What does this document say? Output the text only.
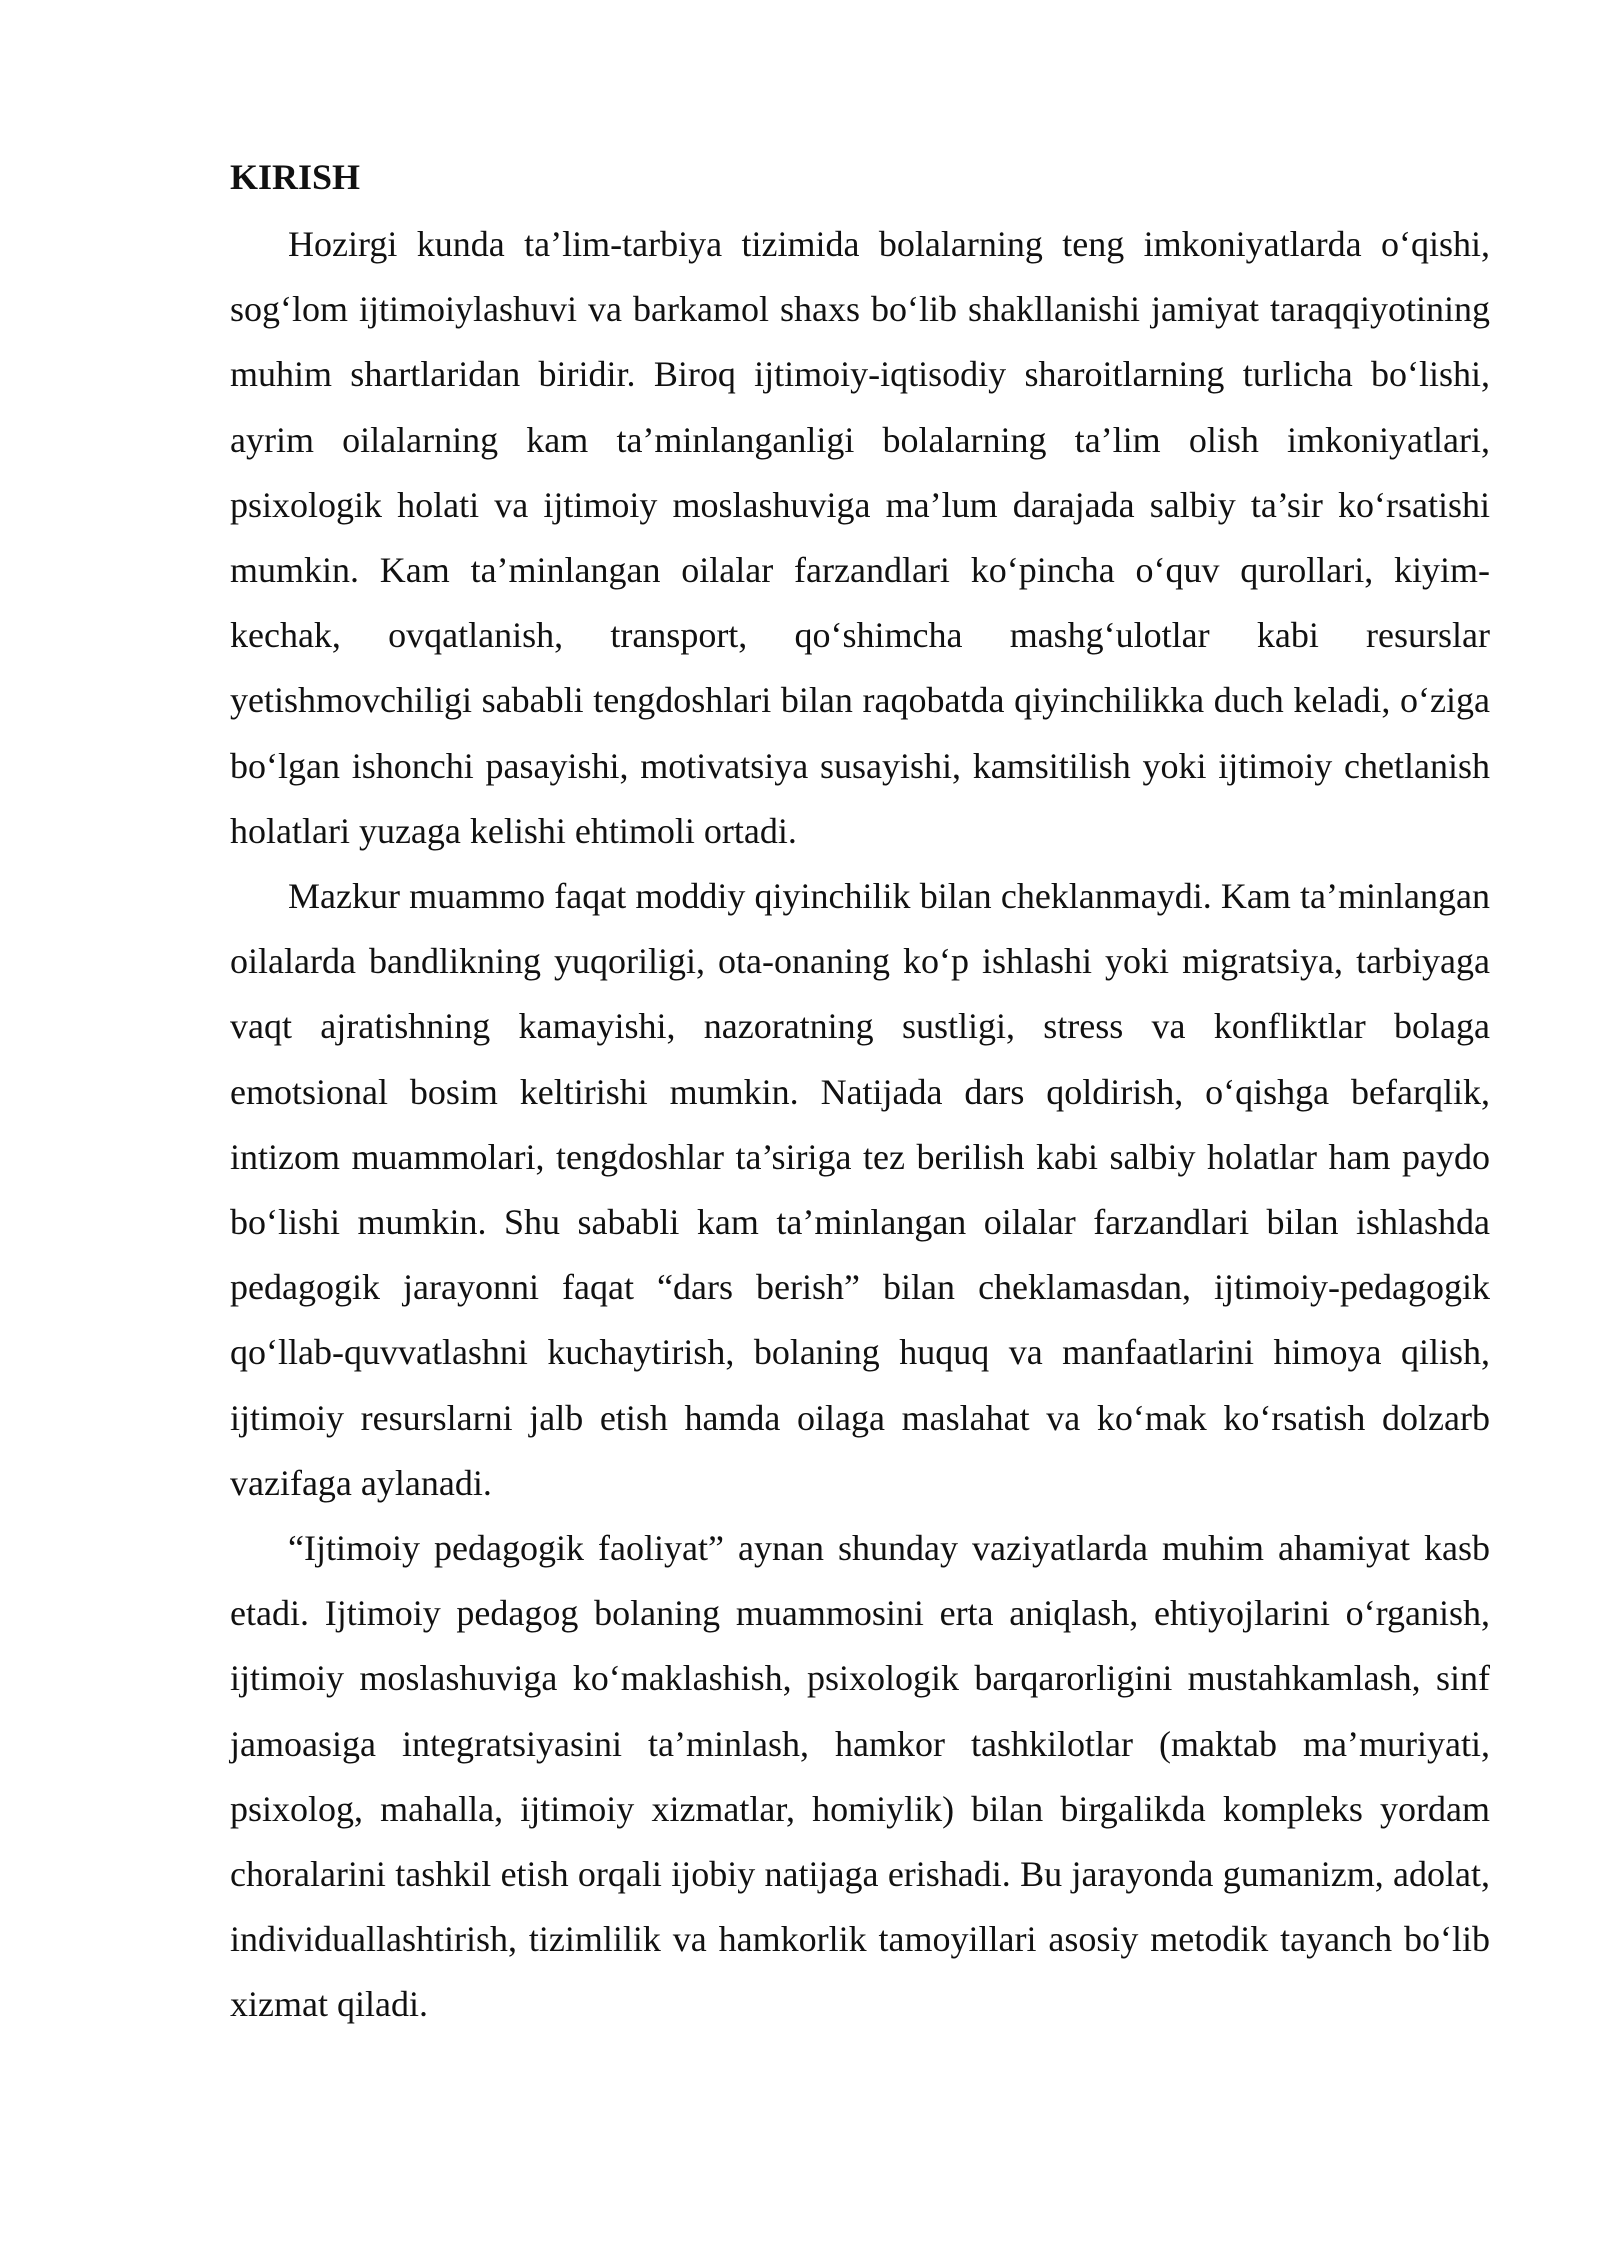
KIRISH

Hozirgi kunda ta’lim-tarbiya tizimida bolalarning teng imkoniyatlarda o‘qishi, sog‘lom ijtimoiylashuvi va barkamol shaxs bo‘lib shakllanishi jamiyat taraqqiyotining muhim shartlaridan biridir. Biroq ijtimoiy-iqtisodiy sharoitlarning turlicha bo‘lishi, ayrim oilalarning kam ta’minlanganligi bolalarning ta’lim olish imkoniyatlari, psixologik holati va ijtimoiy moslashuviga ma’lum darajada salbiy ta’sir ko‘rsatishi mumkin. Kam ta’minlangan oilalar farzandlari ko‘pincha o‘quv qurollari, kiyim-kechak, ovqatlanish, transport, qo‘shimcha mashg‘ulotlar kabi resurslar yetishmovchiligi sababli tengdoshlari bilan raqobatda qiyinchilikka duch keladi, o‘ziga bo‘lgan ishonchi pasayishi, motivatsiya susayishi, kamsitilish yoki ijtimoiy chetlanish holatlari yuzaga kelishi ehtimoli ortadi.

Mazkur muammo faqat moddiy qiyinchilik bilan cheklanmaydi. Kam ta’minlangan oilalarda bandlikning yuqoriligi, ota-onaning ko‘p ishlashi yoki migratsiya, tarbiyaga vaqt ajratishning kamayishi, nazoratning sustligi, stress va konfliktlar bolaga emotsional bosim keltirishi mumkin. Natijada dars qoldirish, o‘qishga befarqlik, intizom muammolari, tengdoshlar ta’siriga tez berilish kabi salbiy holatlar ham paydo bo‘lishi mumkin. Shu sababli kam ta’minlangan oilalar farzandlari bilan ishlashda pedagogik jarayonni faqat “dars berish” bilan cheklamasdan, ijtimoiy-pedagogik qo‘llab-quvvatlashni kuchaytirish, bolaning huquq va manfaatlarini himoya qilish, ijtimoiy resurslarni jalb etish hamda oilaga maslahat va ko‘mak ko‘rsatish dolzarb vazifaga aylanadi.

“Ijtimoiy pedagogik faoliyat” aynan shunday vaziyatlarda muhim ahamiyat kasb etadi. Ijtimoiy pedagog bolaning muammosini erta aniqlash, ehtiyojlarini o‘rganish, ijtimoiy moslashuviga ko‘maklashish, psixologik barqarorligini mustahkamlash, sinf jamoasiga integratsiyasini ta’minlash, hamkor tashkilotlar (maktab ma’muriyati, psixolog, mahalla, ijtimoiy xizmatlar, homiylik) bilan birgalikda kompleks yordam choralarini tashkil etish orqali ijobiy natijaga erishadi. Bu jarayonda gumanizm, adolat, individuallashtirish, tizimlilik va hamkorlik tamoyillari asosiy metodik tayanch bo‘lib xizmat qiladi.
